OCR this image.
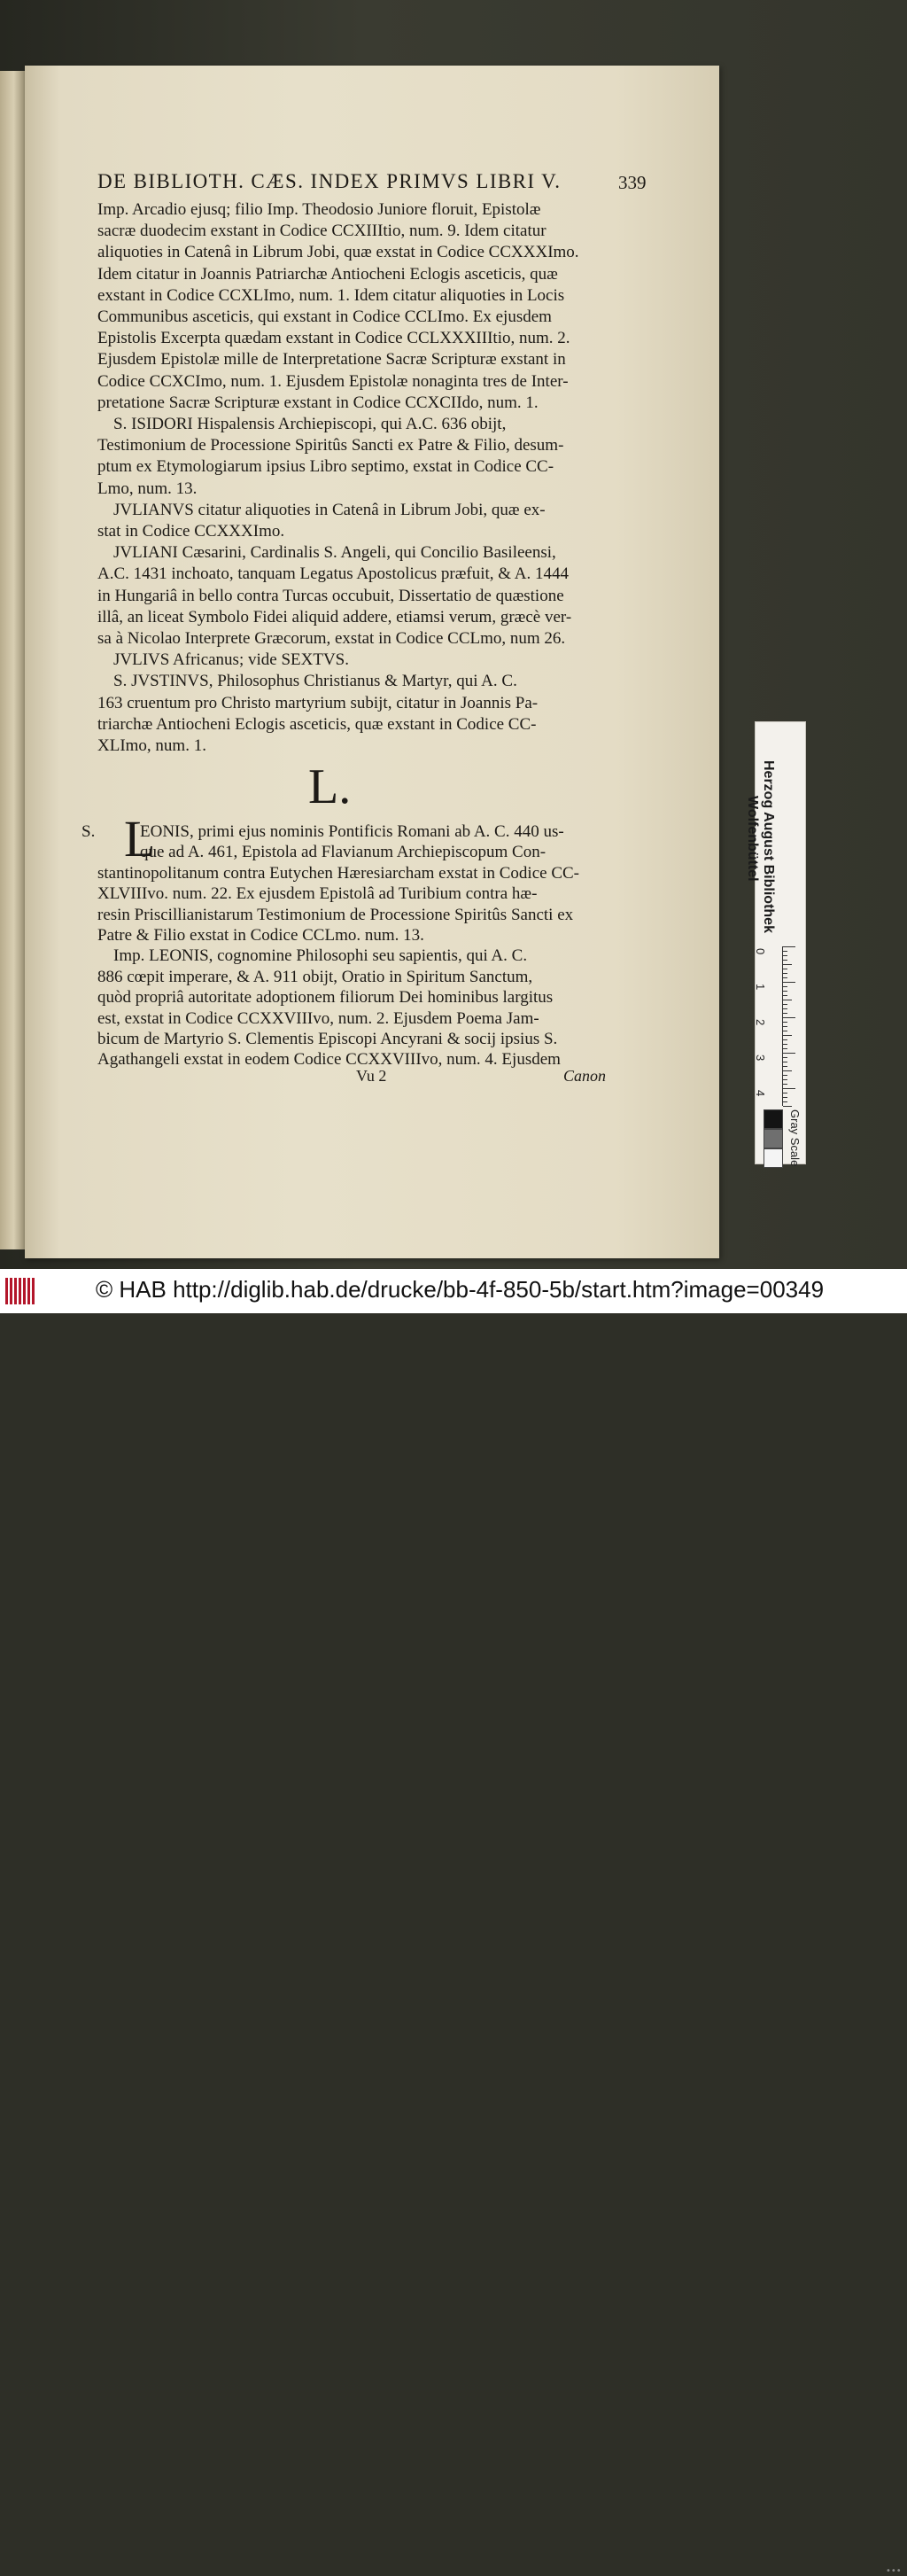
DE BIBLIOTH. CÆS. INDEX PRIMVS LIBRI V.	339
Imp. Arcadio ejusq; filio Imp. Theodosio Juniore floruit, Epistolæ
sacræ duodecim exstant in Codice CCXIIItio, num. 9. Idem citatur
aliquoties in Catenâ in Librum Jobi, quæ exstat in Codice CCXXXImo.
Idem citatur in Joannis Patriarchæ Antiocheni Eclogis asceticis, quæ
exstant in Codice CCXLImo, num. 1. Idem citatur aliquoties in Locis
Communibus asceticis, qui exstant in Codice CCLImo. Ex ejusdem
Epistolis Excerpta quædam exstant in Codice CCLXXXIIItio, num. 2.
Ejusdem Epistolæ mille de Interpretatione Sacræ Scripturæ exstant in
Codice CCXCImo, num. 1. Ejusdem Epistolæ nonaginta tres de Inter-
pretatione Sacræ Scripturæ exstant in Codice CCXCIIdo, num. 1.
S. ISIDORI Hispalensis Archiepiscopi, qui A.C. 636 obijt,
Testimonium de Processione Spiritûs Sancti ex Patre & Filio, desum-
ptum ex Etymologiarum ipsius Libro septimo, exstat in Codice CC-
Lmo, num. 13.
JVLIANVS citatur aliquoties in Catenâ in Librum Jobi, quæ ex-
stat in Codice CCXXXImo.
JVLIANI Cæsarini, Cardinalis S. Angeli, qui Concilio Basileensi,
A.C. 1431 inchoato, tanquam Legatus Apostolicus præfuit, & A. 1444
in Hungariâ in bello contra Turcas occubuit, Dissertatio de quæstione
illâ, an liceat Symbolo Fidei aliquid addere, etiamsi verum, græcè ver-
sa à Nicolao Interprete Græcorum, exstat in Codice CCLmo, num 26.
JVLIVS Africanus; vide SEXTVS.
S. JVSTINVS, Philosophus Christianus & Martyr, qui A. C.
163 cruentum pro Christo martyrium subijt, citatur in Joannis Pa-
triarchæ Antiocheni Eclogis asceticis, quæ exstant in Codice CC-
XLImo, num. 1.
L.
S. L
EONIS, primi ejus nominis Pontificis Romani ab A. C. 440 us-
que ad A. 461, Epistola ad Flavianum Archiepiscopum Con-
stantinopolitanum contra Eutychen Hæresiarcham exstat in Codice CC-
XLVIIIvo. num. 22. Ex ejusdem Epistolâ ad Turibium contra hæ-
resin Priscillianistarum Testimonium de Processione Spiritûs Sancti ex
Patre & Filio exstat in Codice CCLmo. num. 13.
Imp. LEONIS, cognomine Philosophi seu sapientis, qui A. C.
886 cœpit imperare, & A. 911 obijt, Oratio in Spiritum Sanctum,
quòd propriâ autoritate adoptionem filiorum Dei hominibus largitus
est, exstat in Codice CCXXVIIIvo, num. 2. Ejusdem Poema Jam-
bicum de Martyrio S. Clementis Episcopi Ancyrani & socij ipsius S.
Agathangeli exstat in eodem Codice CCXXVIIIvo, num. 4. Ejusdem
Vu 2	Canon
Herzog August Bibliothek
Wolfenbüttel
0
1
2
3
4
Gray Scale
© HAB http://diglib.hab.de/drucke/bb-4f-850-5b/start.htm?image=00349
•••
